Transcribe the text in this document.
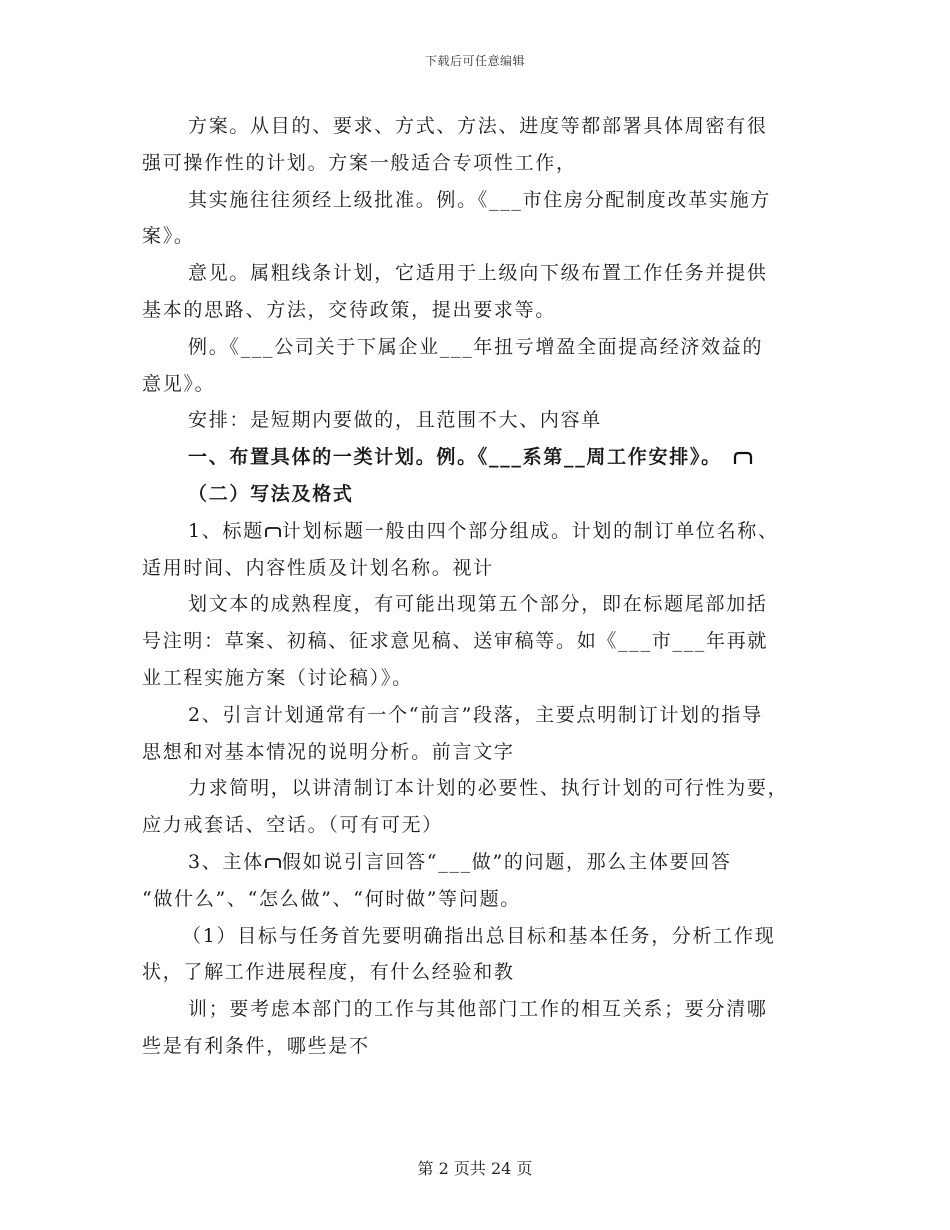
下载后可任意编辑
方案。从目的、要求、方式、方法、进度等都部署具体周密有很
强可操作性的计划。方案一般适合专项性工作，
其实施往往须经上级批准。例。《___市住房分配制度改革实施方
案》。
意见。属粗线条计划，它适用于上级向下级布置工作任务并提供
基本的思路、方法，交待政策，提出要求等。
例。《___公司关于下属企业___年扭亏增盈全面提高经济效益的
意见》。
安排：是短期内要做的，且范围不大、内容单
一、布置具体的一类计划。例。《___系第__周工作安排》。
（二）写法及格式
1、标题 计划标题一般由四个部分组成。计划的制订单位名称、
适用时间、内容性质及计划名称。视计
划文本的成熟程度，有可能出现第五个部分，即在标题尾部加括
号注明：草案、初稿、征求意见稿、送审稿等。如《___市___年再就
业工程实施方案（讨论稿）》。
2、引言计划通常有一个“前言”段落，主要点明制订计划的指导
思想和对基本情况的说明分析。前言文字
力求简明，以讲清制订本计划的必要性、执行计划的可行性为要，
应力戒套话、空话。（可有可无）
3、主体 假如说引言回答“___做”的问题，那么主体要回答
“做什么”、“怎么做”、“何时做”等问题。
（1）目标与任务首先要明确指出总目标和基本任务，分析工作现
状，了解工作进展程度，有什么经验和教
训；要考虑本部门的工作与其他部门工作的相互关系；要分清哪
些是有利条件，哪些是不
第 2 页共 24 页
